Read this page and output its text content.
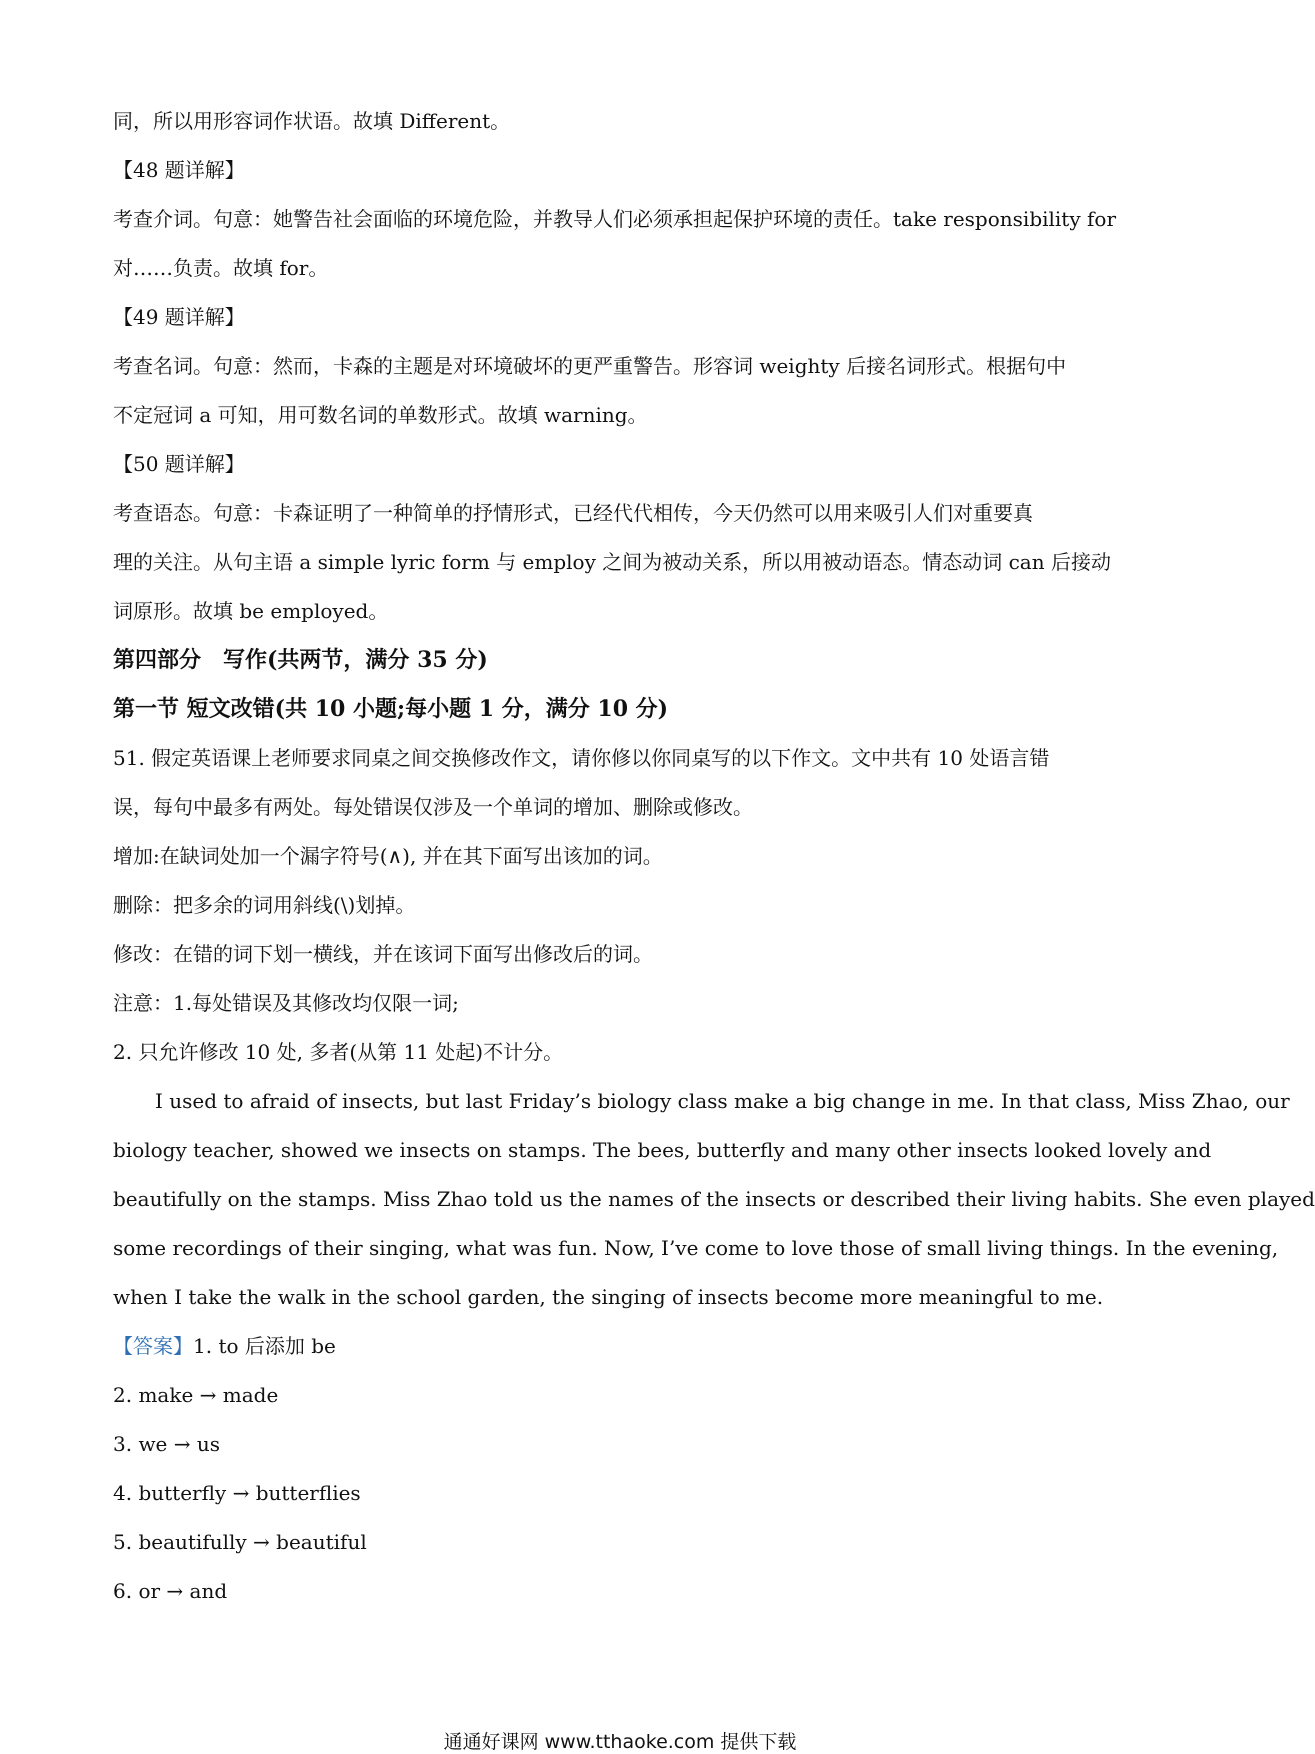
同，所以用形容词作状语。故填 Different。
【48 题详解】
考查介词。句意：她警告社会面临的环境危险，并教导人们必须承担起保护环境的责任。take responsibility for
对……负责。故填 for。
【49 题详解】
考查名词。句意：然而，卡森的主题是对环境破坏的更严重警告。形容词 weighty 后接名词形式。根据句中
不定冠词 a 可知，用可数名词的单数形式。故填 warning。
【50 题详解】
考查语态。句意：卡森证明了一种简单的抒情形式，已经代代相传，今天仍然可以用来吸引人们对重要真
理的关注。从句主语 a simple lyric form 与 employ 之间为被动关系，所以用被动语态。情态动词 can 后接动
词原形。故填 be employed。
第四部分　写作(共两节，满分 35 分)
第一节 短文改错(共 10 小题;每小题 1 分，满分 10 分)
51. 假定英语课上老师要求同桌之间交换修改作文，请你修以你同桌写的以下作文。文中共有 10 处语言错
误，每句中最多有两处。每处错误仅涉及一个单词的增加、删除或修改。
增加:在缺词处加一个漏字符号(∧), 并在其下面写出该加的词。
删除：把多余的词用斜线(\)划掉。
修改：在错的词下划一横线，并在该词下面写出修改后的词。
注意：1.每处错误及其修改均仅限一词;
2. 只允许修改 10 处, 多者(从第 11 处起)不计分。
I used to afraid of insects, but last Friday’s biology class make a big change in me. In that class, Miss Zhao, our
biology teacher, showed we insects on stamps. The bees, butterfly and many other insects looked lovely and
beautifully on the stamps. Miss Zhao told us the names of the insects or described their living habits. She even played
some recordings of their singing, what was fun. Now, I’ve come to love those of small living things. In the evening,
when I take the walk in the school garden, the singing of insects become more meaningful to me.
【答案】1. to 后添加 be
2. make → made
3. we → us
4. butterfly → butterflies
5. beautifully → beautiful
6. or → and
通通好课网 www.tthaoke.com 提供下载
